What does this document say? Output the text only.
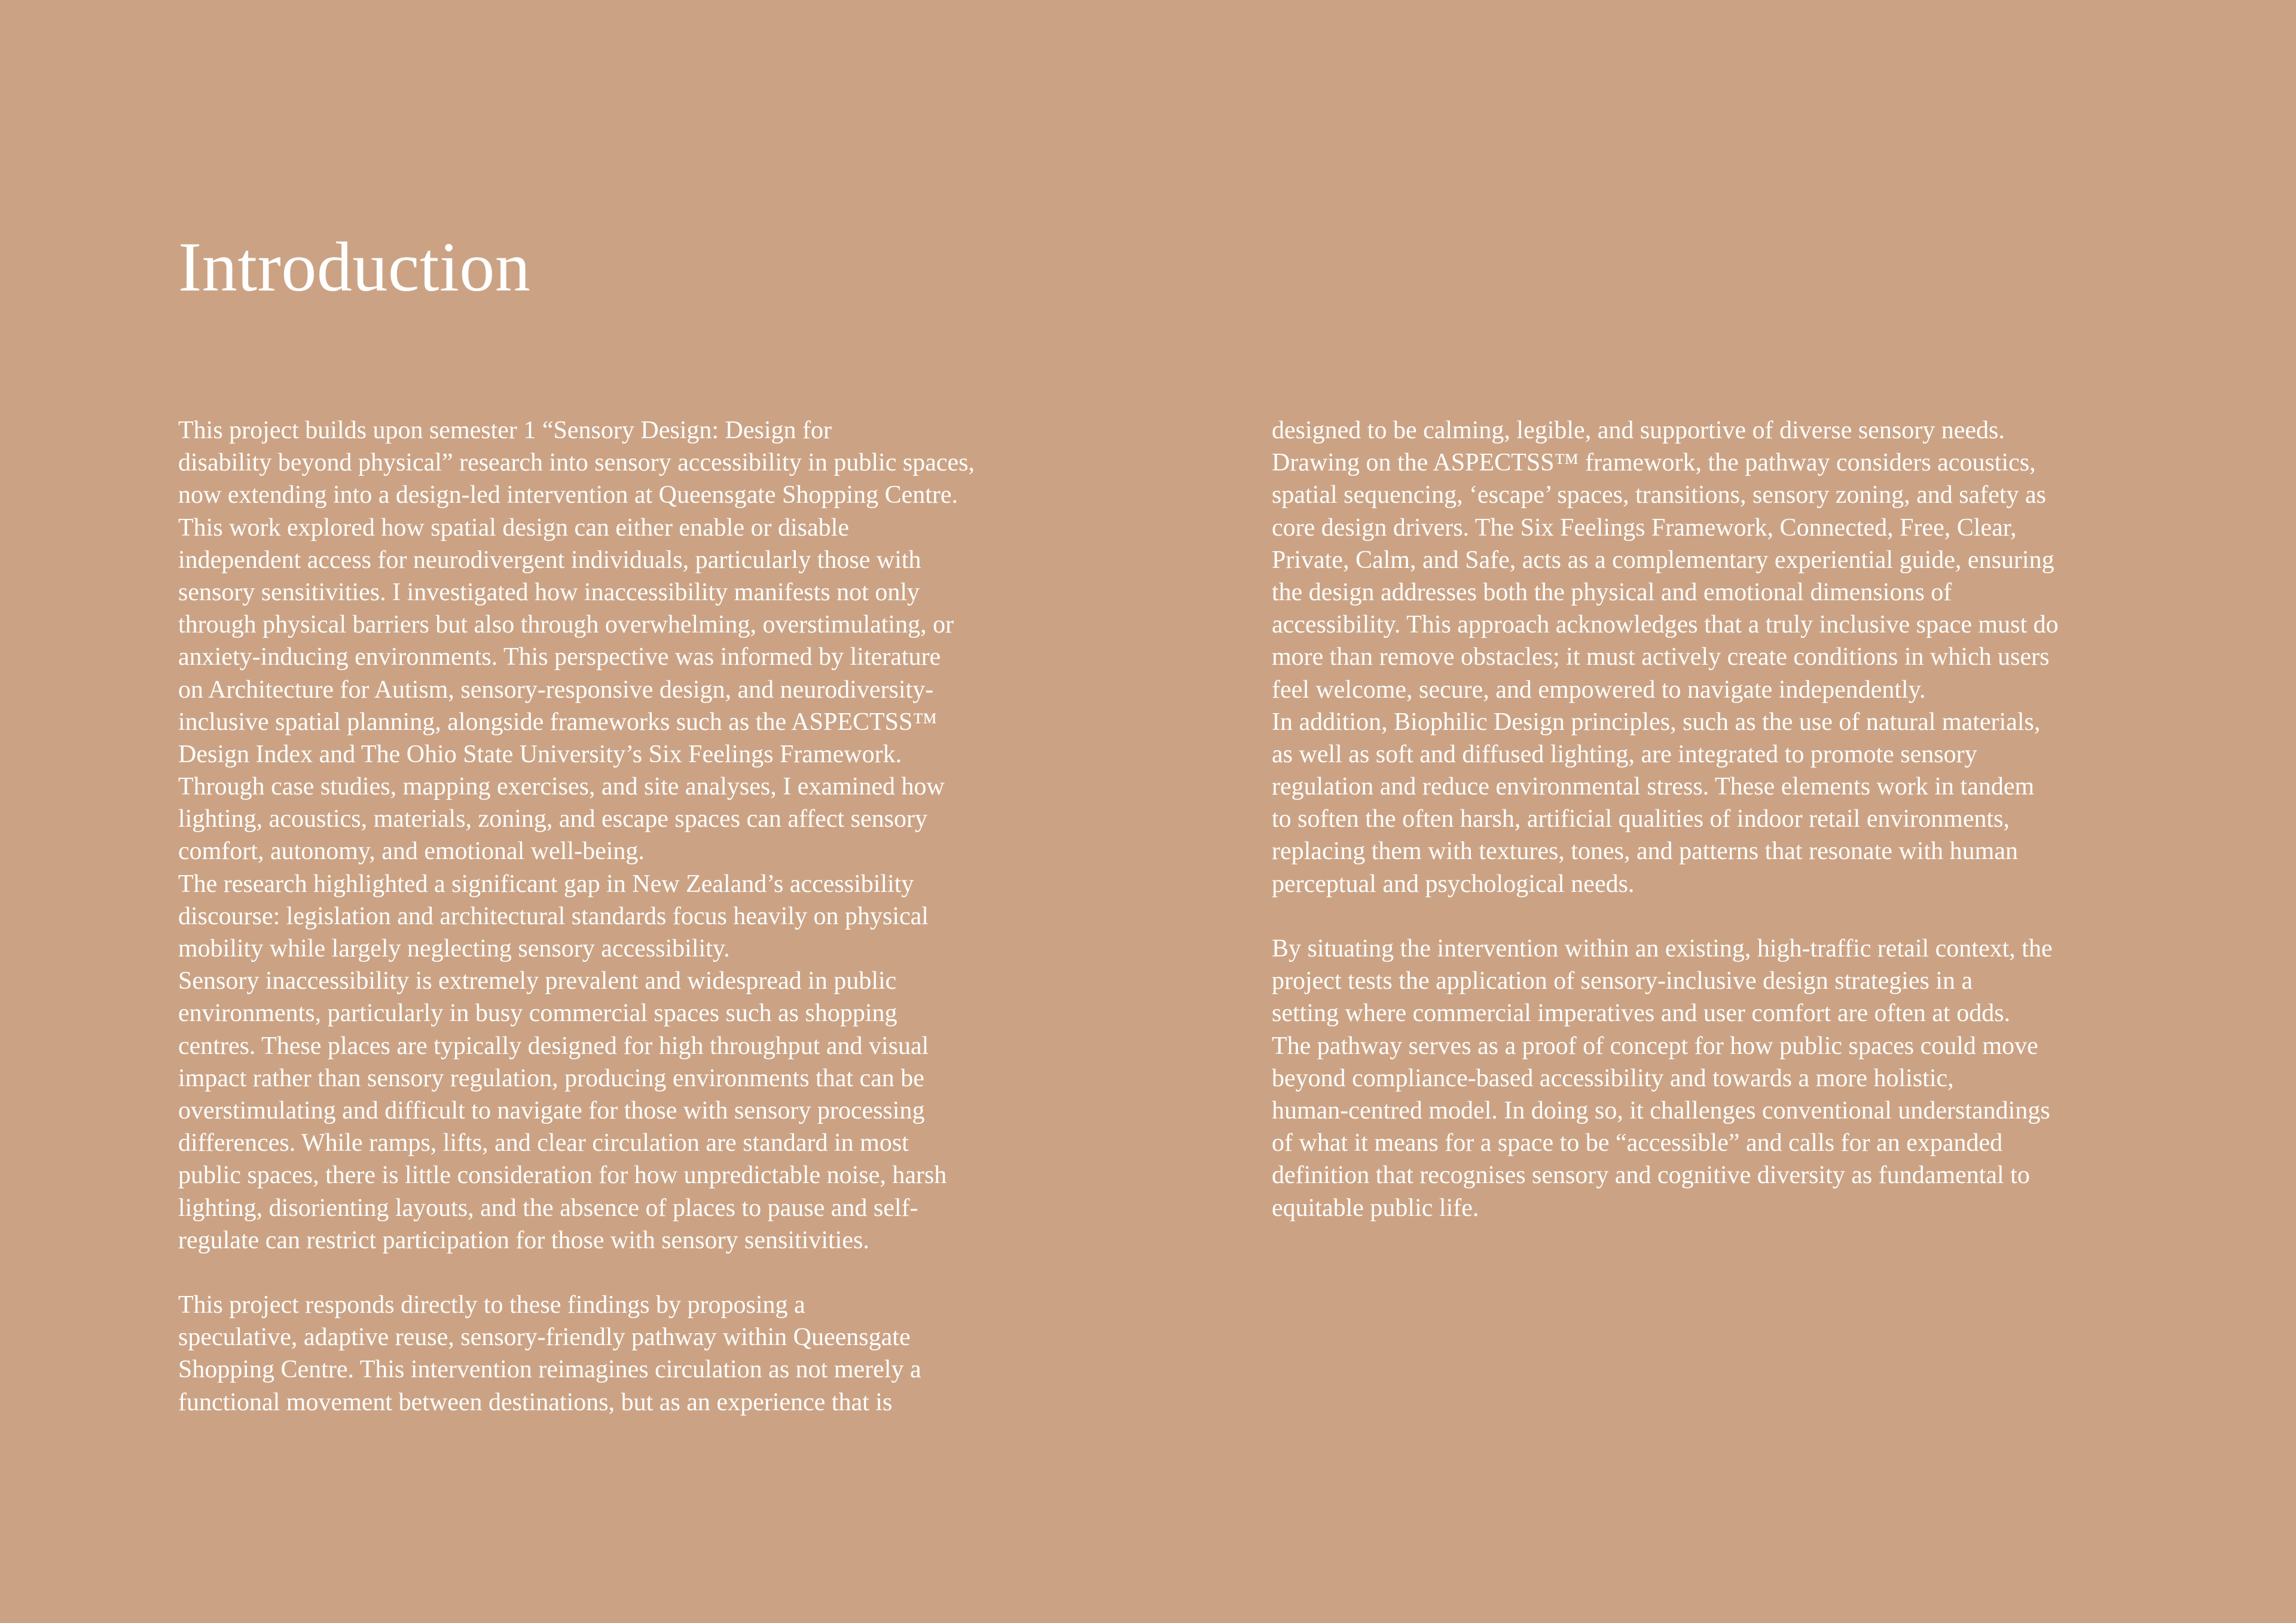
Introduction
This project builds upon semester 1 “Sensory Design: Design for
disability beyond physical” research into sensory accessibility in public spaces,
now extending into a design-led intervention at Queensgate Shopping Centre.
This work explored how spatial design can either enable or disable
independent access for neurodivergent individuals, particularly those with
sensory sensitivities. I investigated how inaccessibility manifests not only
through physical barriers but also through overwhelming, overstimulating, or
anxiety-inducing environments. This perspective was informed by literature
on Architecture for Autism, sensory-responsive design, and neurodiversity-
inclusive spatial planning, alongside frameworks such as the ASPECTSS™
Design Index and The Ohio State University’s Six Feelings Framework.
Through case studies, mapping exercises, and site analyses, I examined how
lighting, acoustics, materials, zoning, and escape spaces can affect sensory
comfort, autonomy, and emotional well-being.
The research highlighted a significant gap in New Zealand’s accessibility
discourse: legislation and architectural standards focus heavily on physical
mobility while largely neglecting sensory accessibility.
Sensory inaccessibility is extremely prevalent and widespread in public
environments, particularly in busy commercial spaces such as shopping
centres. These places are typically designed for high throughput and visual
impact rather than sensory regulation, producing environments that can be
overstimulating and difficult to navigate for those with sensory processing
differences. While ramps, lifts, and clear circulation are standard in most
public spaces, there is little consideration for how unpredictable noise, harsh
lighting, disorienting layouts, and the absence of places to pause and self-
regulate can restrict participation for those with sensory sensitivities.
This project responds directly to these findings by proposing a
speculative, adaptive reuse, sensory-friendly pathway within Queensgate
Shopping Centre. This intervention reimagines circulation as not merely a
functional movement between destinations, but as an experience that is
designed to be calming, legible, and supportive of diverse sensory needs.
Drawing on the ASPECTSS™ framework, the pathway considers acoustics,
spatial sequencing, ‘escape’ spaces, transitions, sensory zoning, and safety as
core design drivers. The Six Feelings Framework, Connected, Free, Clear,
Private, Calm, and Safe, acts as a complementary experiential guide, ensuring
the design addresses both the physical and emotional dimensions of
accessibility. This approach acknowledges that a truly inclusive space must do
more than remove obstacles; it must actively create conditions in which users
feel welcome, secure, and empowered to navigate independently.
In addition, Biophilic Design principles, such as the use of natural materials,
as well as soft and diffused lighting, are integrated to promote sensory
regulation and reduce environmental stress. These elements work in tandem
to soften the often harsh, artificial qualities of indoor retail environments,
replacing them with textures, tones, and patterns that resonate with human
perceptual and psychological needs.
By situating the intervention within an existing, high-traffic retail context, the
project tests the application of sensory-inclusive design strategies in a
setting where commercial imperatives and user comfort are often at odds.
The pathway serves as a proof of concept for how public spaces could move
beyond compliance-based accessibility and towards a more holistic,
human-centred model. In doing so, it challenges conventional understandings
of what it means for a space to be “accessible” and calls for an expanded
definition that recognises sensory and cognitive diversity as fundamental to
equitable public life.
